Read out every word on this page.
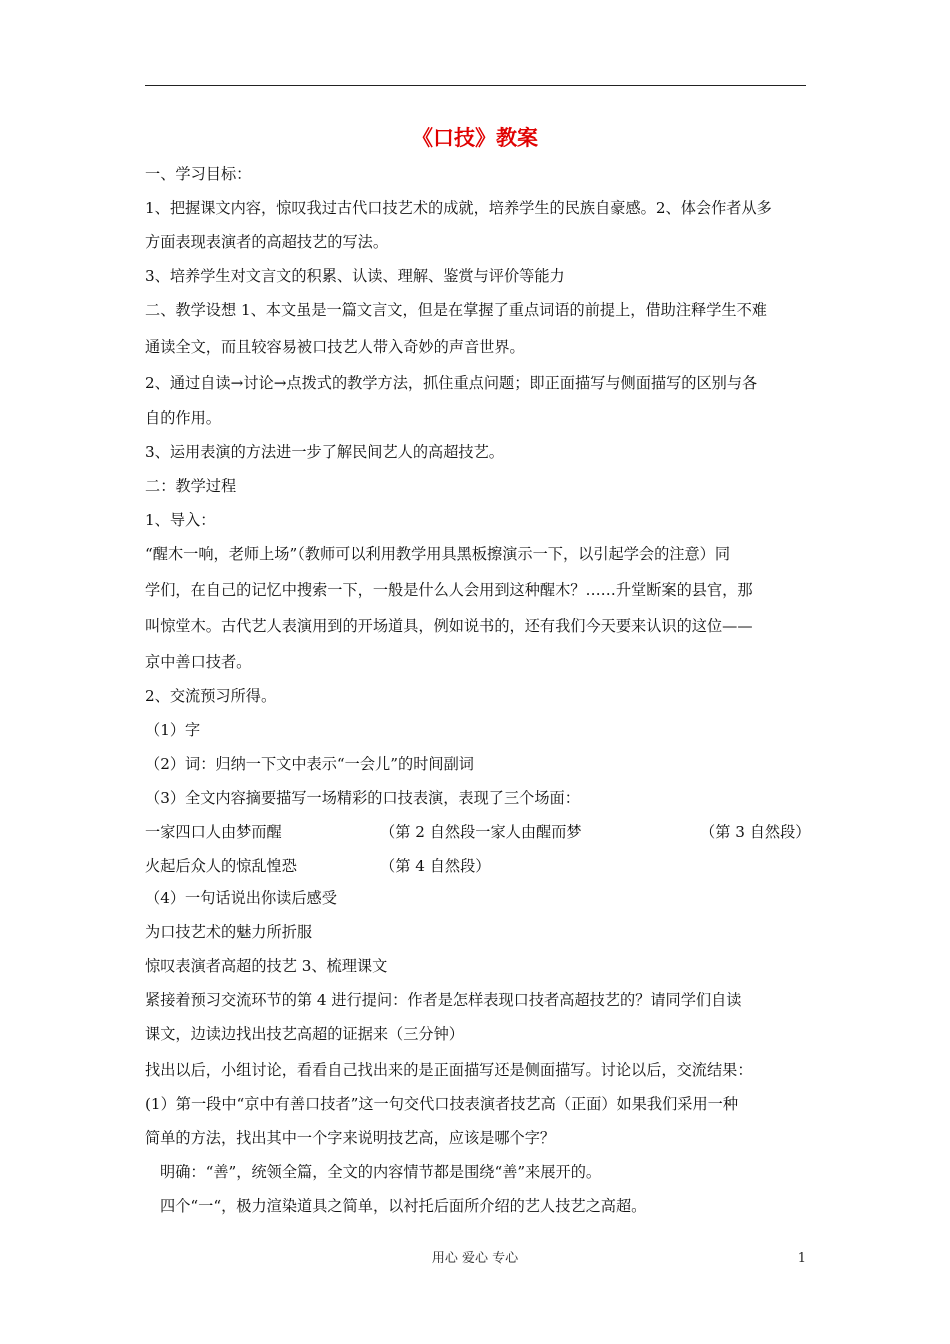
《口技》教案
一、学习目标：
1、把握课文内容，惊叹我过古代口技艺术的成就，培养学生的民族自豪感。2、体会作者从多
方面表现表演者的高超技艺的写法。
3、培养学生对文言文的积累、认读、理解、鉴赏与评价等能力
二、教学设想 1、本文虽是一篇文言文，但是在掌握了重点词语的前提上，借助注释学生不难
通读全文，而且较容易被口技艺人带入奇妙的声音世界。
2、通过自读→讨论→点拨式的教学方法，抓住重点问题；即正面描写与侧面描写的区别与各
自的作用。
3、运用表演的方法进一步了解民间艺人的高超技艺。
二：教学过程
1、导入：
“醒木一响，老师上场”（教师可以利用教学用具黑板擦演示一下，以引起学会的注意）同
学们，在自己的记忆中搜索一下，一般是什么人会用到这种醒木？……升堂断案的县官，那
叫惊堂木。古代艺人表演用到的开场道具，例如说书的，还有我们今天要来认识的这位——
京中善口技者。
2、交流预习所得。
（1）字
（2）词：归纳一下文中表示“一会儿”的时间副词
（3）全文内容摘要描写一场精彩的口技表演，表现了三个场面：
一家四口人由梦而醒	（第 2 自然段一家人由醒而梦	（第 3 自然段）
火起后众人的惊乱惶恐	（第 4 自然段）
（4）一句话说出你读后感受
为口技艺术的魅力所折服
惊叹表演者高超的技艺 3、梳理课文
紧接着预习交流环节的第 4 进行提问：作者是怎样表现口技者高超技艺的？请同学们自读
课文，边读边找出技艺高超的证据来（三分钟）
找出以后，小组讨论，看看自己找出来的是正面描写还是侧面描写。讨论以后，交流结果：
(1）第一段中“京中有善口技者”这一句交代口技表演者技艺高（正面）如果我们采用一种
简单的方法，找出其中一个字来说明技艺高，应该是哪个字？
明确：“善”，统领全篇，全文的内容情节都是围绕“善”来展开的。
四个“一“，极力渲染道具之简单，以衬托后面所介绍的艺人技艺之高超。
用心 爱心 专心	1
